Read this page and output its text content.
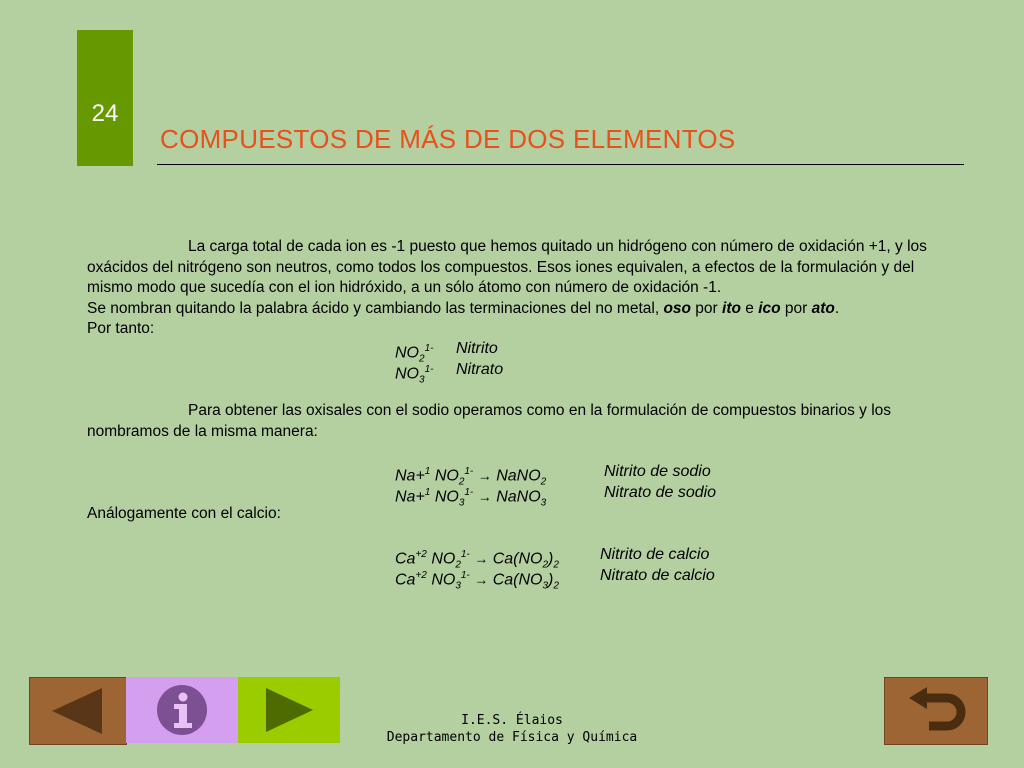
24
COMPUESTOS DE MÁS DE DOS ELEMENTOS
La carga total de cada ion es -1 puesto que hemos quitado un hidrógeno con número de oxidación +1, y los oxácidos del nitrógeno son neutros, como todos los compuestos. Esos iones equivalen, a efectos de la formulación y del mismo modo que sucedía con el ion hidróxido, a un sólo átomo con número de oxidación -1.
Se nombran quitando la palabra ácido y cambiando las terminaciones del no metal, oso por ito e ico por ato.
Por tanto:
$NO_2^{1-}$ Nitrito
$NO_3^{1-}$ Nitrato
Para obtener las oxisales con el sodio operamos como en la formulación de compuestos binarios y los nombramos de la misma manera:
Na+$^1$ $NO_2^{1-}$ → NaNO$_2$
Nitrito de sodio
Na+$^1$ $NO_3^{1-}$ → NaNO$_3$
Nitrato de sodio
Análogamente con el calcio:
$Ca^{+2}$ $NO_2^{1-} \to Ca(NO_2)_2$
Nitrito de calcio
$Ca^{+2}$ $NO_3^{1-} \to Ca(NO_3)_2$
Nitrato de calcio
I.E.S. Élaios
Departamento de Física y Química
